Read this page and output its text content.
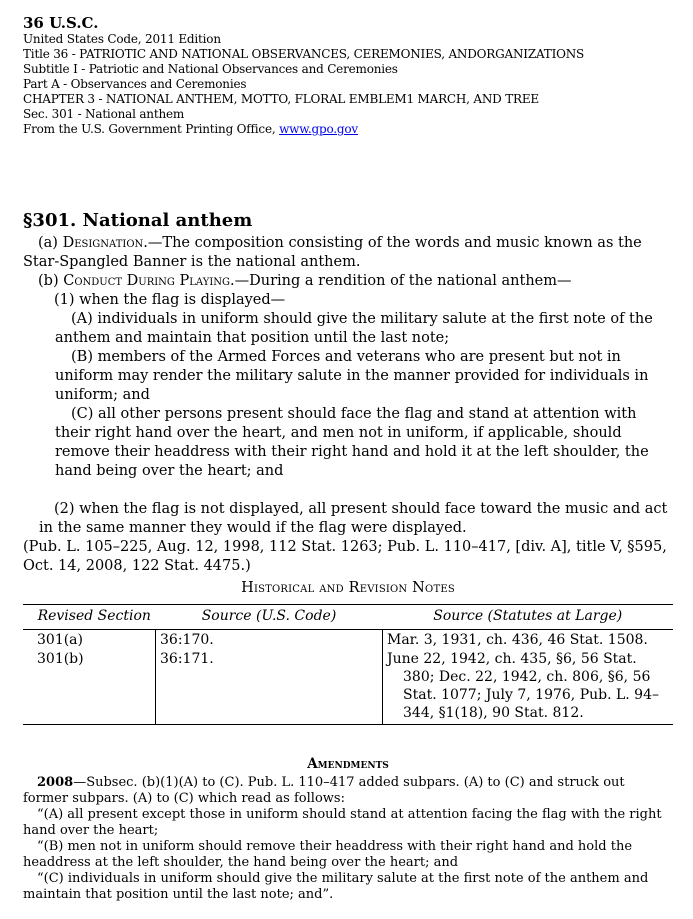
36 U.S.C.
United States Code, 2011 Edition
Title 36 - PATRIOTIC AND NATIONAL OBSERVANCES, CEREMONIES, ANDORGANIZATIONS
Subtitle I - Patriotic and National Observances and Ceremonies
Part A - Observances and Ceremonies
CHAPTER 3 - NATIONAL ANTHEM, MOTTO, FLORAL EMBLEM1 MARCH, AND TREE
Sec. 301 - National anthem
From the U.S. Government Printing Office, www.gpo.gov
§301. National anthem

(a) Designation.—The composition consisting of the words and music known as the Star-Spangled Banner is the national anthem.

(b) Conduct During Playing.—During a rendition of the national anthem—

(1) when the flag is displayed—

(A) individuals in uniform should give the military salute at the first note of the anthem and maintain that position until the last note;

(B) members of the Armed Forces and veterans who are present but not in uniform may render the military salute in the manner provided for individuals in uniform; and

(C) all other persons present should face the flag and stand at attention with their right hand over the heart, and men not in uniform, if applicable, should remove their headdress with their right hand and hold it at the left shoulder, the hand being over the heart; and

(2) when the flag is not displayed, all present should face toward the music and act in the same manner they would if the flag were displayed.

(Pub. L. 105–225, Aug. 12, 1998, 112 Stat. 1263; Pub. L. 110–417, [div. A], title V, §595, Oct. 14, 2008, 122 Stat. 4475.)

Historical and Revision Notes
Revised Section	Source (U.S. Code)	Source (Statutes at Large)
301(a)	36:170.	Mar. 3, 1931, ch. 436, 46 Stat. 1508.

301(b)	36:171.	June 22, 1942, ch. 435, §6, 56 Stat. 380; Dec. 22, 1942, ch. 806, §6, 56 Stat. 1077; July 7, 1976, Pub. L. 94–344, §1(18), 90 Stat. 812.
Amendments

2008—Subsec. (b)(1)(A) to (C). Pub. L. 110–417 added subpars. (A) to (C) and struck out former subpars. (A) to (C) which read as follows:

“(A) all present except those in uniform should stand at attention facing the flag with the right hand over the heart;

“(B) men not in uniform should remove their headdress with their right hand and hold the headdress at the left shoulder, the hand being over the heart; and

“(C) individuals in uniform should give the military salute at the first note of the anthem and maintain that position until the last note; and”.
